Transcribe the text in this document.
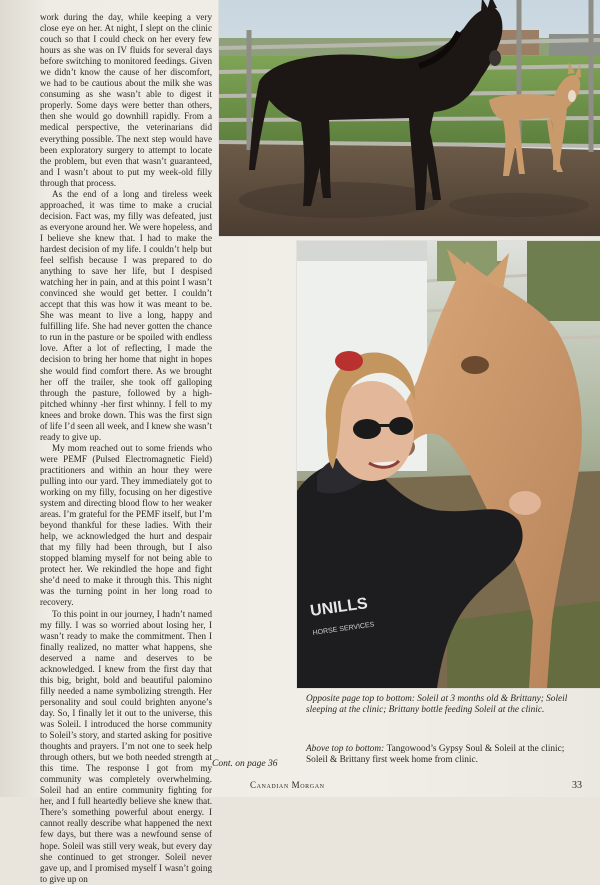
work during the day, while keeping a very close eye on her. At night, I slept on the clinic couch so that I could check on her every few hours as she was on IV fluids for several days before switching to monitored feedings. Given we didn’t know the cause of her discomfort, we had to be cautious about the milk she was consuming as she wasn’t able to digest it properly. Some days were better than others, then she would go downhill rapidly. From a medical perspective, the veterinarians did everything possible. The next step would have been exploratory surgery to attempt to locate the problem, but even that wasn’t guaranteed, and I wasn’t about to put my week-old filly through that process.

As the end of a long and tireless week approached, it was time to make a crucial decision. Fact was, my filly was defeated, just as everyone around her. We were hopeless, and I believe she knew that. I had to make the hardest decision of my life. I couldn’t help but feel selfish because I was prepared to do anything to save her life, but I despised watching her in pain, and at this point I wasn’t convinced she would get better. I couldn’t accept that this was how it was meant to be. She was meant to live a long, happy and fulfilling life. She had never gotten the chance to run in the pasture or be spoiled with endless love. After a lot of reflecting, I made the decision to bring her home that night in hopes she would find comfort there. As we brought her off the trailer, she took off galloping through the pasture, followed by a high-pitched whinny -her first whinny. I fell to my knees and broke down. This was the first sign of life I’d seen all week, and I knew she wasn’t ready to give up.

My mom reached out to some friends who were PEMF (Pulsed Electromagnetic Field) practitioners and within an hour they were pulling into our yard. They immediately got to working on my filly, focusing on her digestive system and directing blood flow to her weaker areas. I’m grateful for the PEMF itself, but I’m beyond thankful for these ladies. With their help, we acknowledged the hurt and despair that my filly had been through, but I also stopped blaming myself for not being able to protect her. We rekindled the hope and fight she’d need to make it through this. This night was the turning point in her long road to recovery.

To this point in our journey, I hadn’t named my filly. I was so worried about losing her, I wasn’t ready to make the commitment. Then I finally realized, no matter what happens, she deserved a name and deserves to be acknowledged. I knew from the first day that this big, bright, bold and beautiful palomino filly needed a name symbolizing strength. Her personality and soul could brighten anyone’s day. So, I finally let it out to the universe, this was Soleil. I introduced the horse community to Soleil’s story, and started asking for positive thoughts and prayers. I’m not one to seek help through others, but we both needed strength at this time. The response I got from my community was completely overwhelming. Soleil had an entire community fighting for her, and I full heartedly believe she knew that. There’s something powerful about energy. I cannot really describe what happened the next few days, but there was a newfound sense of hope. Soleil was still very weak, but every day she continued to get stronger. Soleil never gave up, and I promised myself I wasn’t going to give up on

Cont. on page 36
UNILLS
HORSE SERVICES
Opposite page top to bottom: Soleil at 3 months old & Brittany; Soleil sleeping at the clinic; Brittany bottle feeding Soleil at the clinic.
Above top to bottom: Tangowood’s Gypsy Soul & Soleil at the clinic; Soleil & Brittany first week home from clinic.
Canadian Morgan	33
